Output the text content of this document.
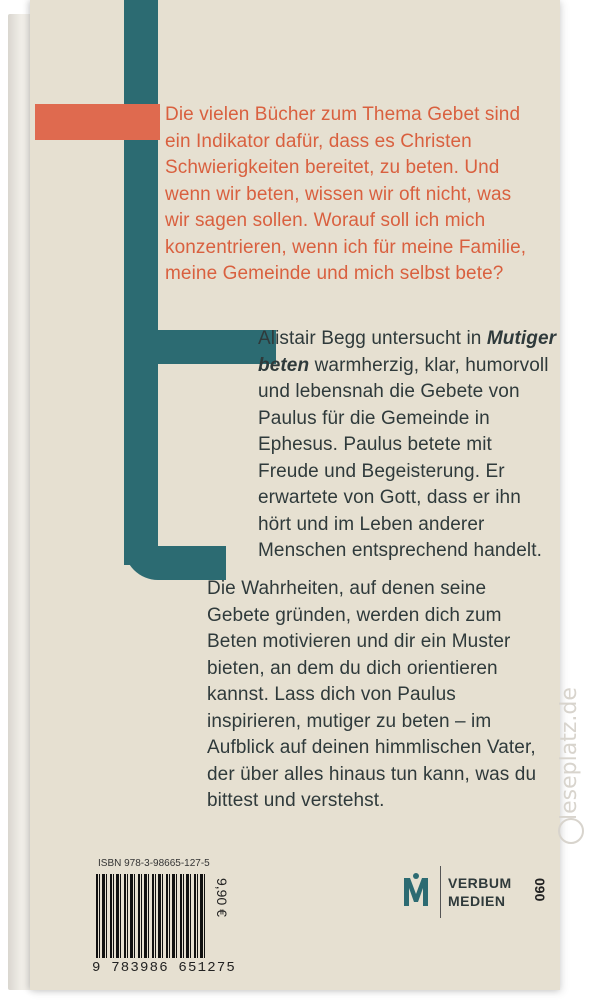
Die vielen Bücher zum Thema Gebet sind ein Indikator dafür, dass es Christen Schwierigkeiten bereitet, zu beten. Und wenn wir beten, wissen wir oft nicht, was wir sagen sollen. Worauf soll ich mich konzentrieren, wenn ich für meine Familie, meine Gemeinde und mich selbst bete?
Alistair Begg untersucht in Mutiger beten warmherzig, klar, humorvoll und lebensnah die Gebete von Paulus für die Gemeinde in Ephesus. Paulus betete mit Freude und Begeisterung. Er erwartete von Gott, dass er ihn hört und im Leben anderer Menschen entsprechend handelt.
Die Wahrheiten, auf denen seine Gebete gründen, werden dich zum Beten motivieren und dir ein Muster bieten, an dem du dich orientieren kannst. Lass dich von Paulus inspirieren, mutiger zu beten – im Aufblick auf deinen himmlischen Vater, der über alles hinaus tun kann, was du bittest und verstehst.	leseplatz.de
ISBN 978-3-98665-127-5
9 783986 651275
9,90 €	VERBUM
MEDIEN	090
